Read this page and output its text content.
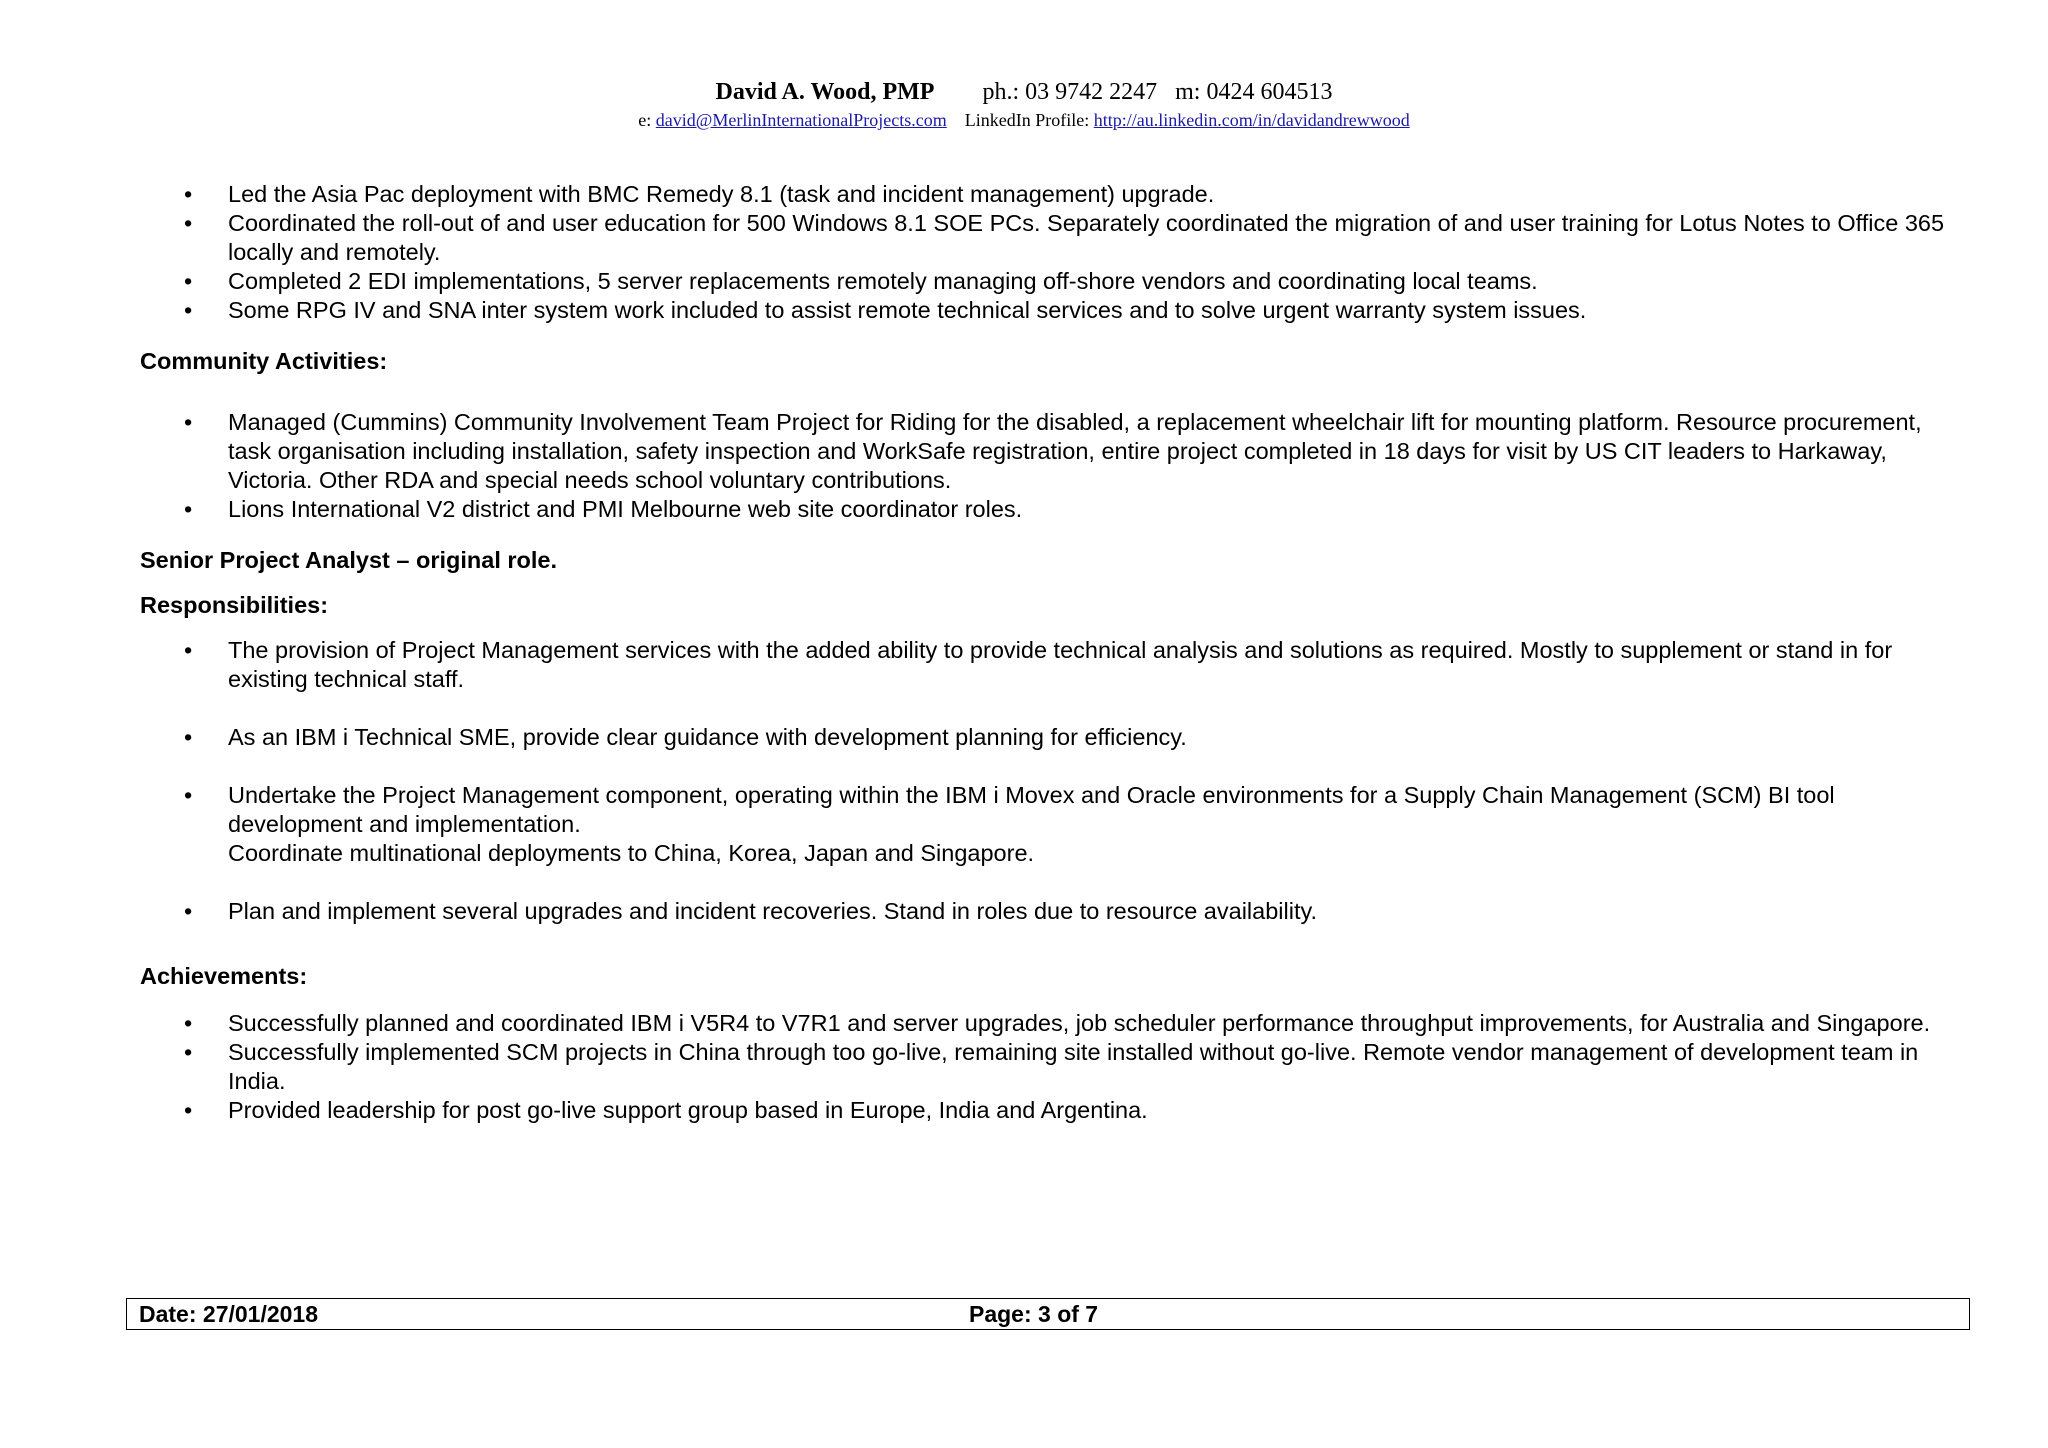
David A. Wood, PMP ph.: 03 9742 2247   m: 0424 604513
e: david@MerlinInternationalProjects.com LinkedIn Profile: http://au.linkedin.com/in/davidandrewwood
• Led the Asia Pac deployment with BMC Remedy 8.1 (task and incident management) upgrade.
• Coordinated the roll-out of and user education for 500 Windows 8.1 SOE PCs. Separately coordinated the migration of and user training for Lotus Notes to Office 365 locally and remotely.
• Completed 2 EDI implementations, 5 server replacements remotely managing off-shore vendors and coordinating local teams.
• Some RPG IV and SNA inter system work included to assist remote technical services and to solve urgent warranty system issues.

Community Activities:

• Managed (Cummins) Community Involvement Team Project for Riding for the disabled, a replacement wheelchair lift for mounting platform. Resource procurement, task organisation including installation, safety inspection and WorkSafe registration, entire project completed in 18 days for visit by US CIT leaders to Harkaway, Victoria. Other RDA and special needs school voluntary contributions.
• Lions International V2 district and PMI Melbourne web site coordinator roles.

Senior Project Analyst – original role.

Responsibilities:

• The provision of Project Management services with the added ability to provide technical analysis and solutions as required. Mostly to supplement or stand in for existing technical staff.
• As an IBM i Technical SME, provide clear guidance with development planning for efficiency.
• Undertake the Project Management component, operating within the IBM i Movex and Oracle environments for a Supply Chain Management (SCM) BI tool development and implementation.
Coordinate multinational deployments to China, Korea, Japan and Singapore.
• Plan and implement several upgrades and incident recoveries. Stand in roles due to resource availability.

Achievements:

• Successfully planned and coordinated IBM i V5R4 to V7R1 and server upgrades, job scheduler performance throughput improvements, for Australia and Singapore.
• Successfully implemented SCM projects in China through too go-live, remaining site installed without go-live. Remote vendor management of development team in India.
• Provided leadership for post go-live support group based in Europe, India and Argentina.
Date: 27/01/2018	Page: 3 of 7
